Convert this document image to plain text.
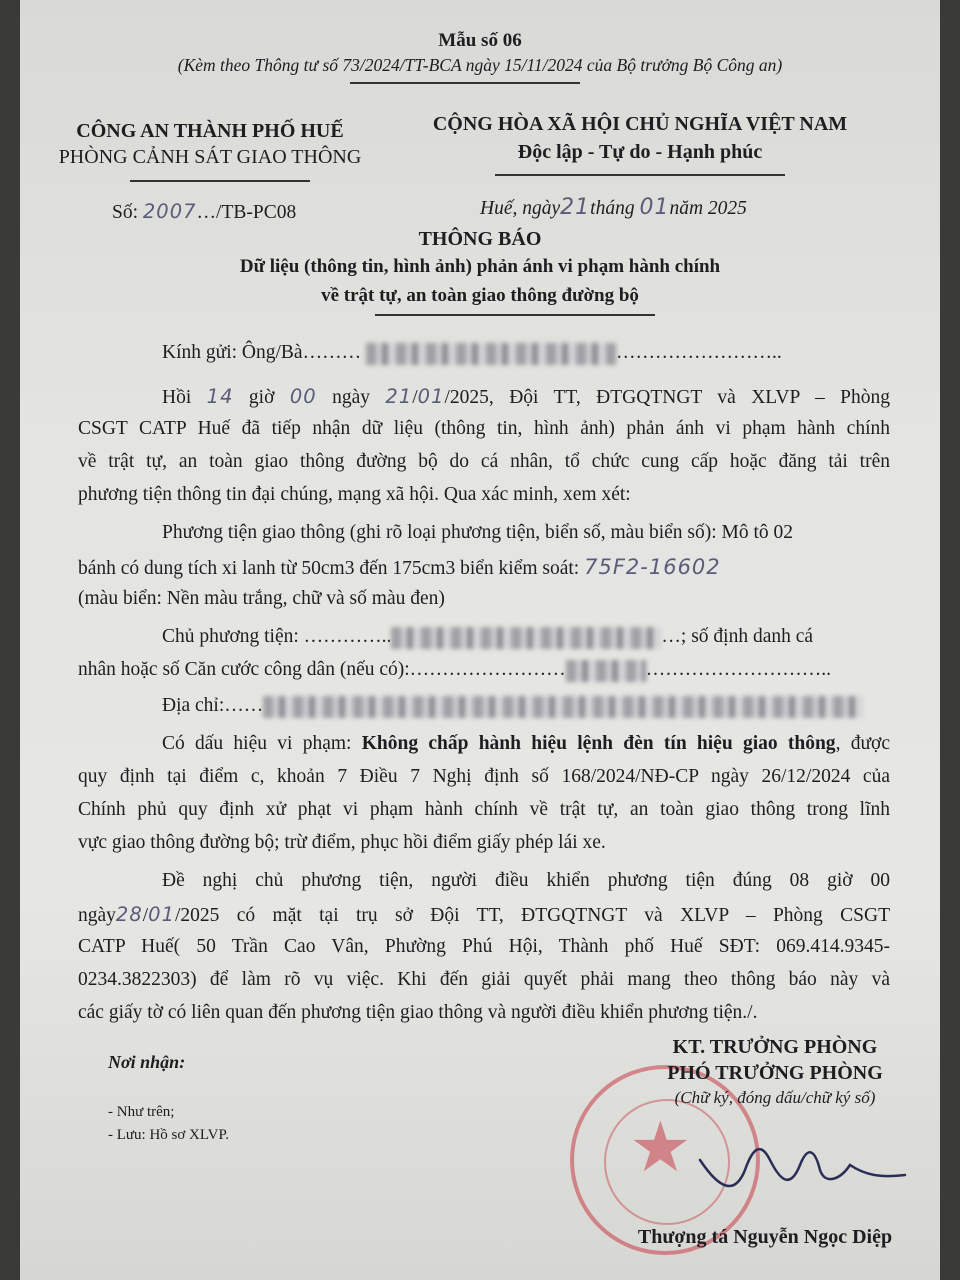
Mẫu số 06
(Kèm theo Thông tư số 73/2024/TT-BCA ngày 15/11/2024 của Bộ trưởng Bộ Công an)
CÔNG AN THÀNH PHỐ HUẾ
PHÒNG CẢNH SÁT GIAO THÔNG
CỘNG HÒA XÃ HỘI CHỦ NGHĨA VIỆT NAM
Độc lập - Tự do - Hạnh phúc
Số: 2007…/TB-PC08	Huế, ngày21tháng 01năm 2025
THÔNG BÁO
Dữ liệu (thông tin, hình ảnh) phản ánh vi phạm hành chính
về trật tự, an toàn giao thông đường bộ
Kính gửi: Ông/Bà………	……………………..
Hồi 14 giờ 00 ngày 21/01/2025, Đội TT, ĐTGQTNGT và XLVP – Phòng
CSGT CATP Huế đã tiếp nhận dữ liệu (thông tin, hình ảnh) phản ánh vi phạm hành chính
về trật tự, an toàn giao thông đường bộ do cá nhân, tổ chức cung cấp hoặc đăng tải trên
phương tiện thông tin đại chúng, mạng xã hội. Qua xác minh, xem xét:
Phương tiện giao thông (ghi rõ loại phương tiện, biển số, màu biển số): Mô tô 02
bánh có dung tích xi lanh từ 50cm3 đến 175cm3 biển kiểm soát: 75F2-16602
(màu biển: Nền màu trắng, chữ và số màu đen)
Chủ phương tiện: …………..	…; số định danh cá
nhân hoặc số Căn cước công dân (nếu có):……………………	………………………..
Địa chỉ:……
Có dấu hiệu vi phạm: Không chấp hành hiệu lệnh đèn tín hiệu giao thông, được
quy định tại điểm c, khoản 7 Điều 7 Nghị định số 168/2024/NĐ-CP ngày 26/12/2024 của
Chính phủ quy định xử phạt vi phạm hành chính về trật tự, an toàn giao thông trong lĩnh
vực giao thông đường bộ; trừ điểm, phục hồi điểm giấy phép lái xe.
Đề nghị chủ phương tiện, người điều khiển phương tiện đúng 08 giờ 00
ngày28/01/2025 có mặt tại trụ sở Đội TT, ĐTGQTNGT và XLVP – Phòng CSGT
CATP Huế( 50 Trần Cao Vân, Phường Phú Hội, Thành phố Huế SĐT: 069.414.9345-
0234.3822303) để làm rõ vụ việc. Khi đến giải quyết phải mang theo thông báo này và
các giấy tờ có liên quan đến phương tiện giao thông và người điều khiển phương tiện./.
Nơi nhận:
- Như trên;
- Lưu: Hồ sơ XLVP.	★
KT. TRƯỞNG PHÒNG
PHÓ TRƯỞNG PHÒNG
(Chữ ký, đóng dấu/chữ ký số)
Thượng tá Nguyễn Ngọc Diệp
